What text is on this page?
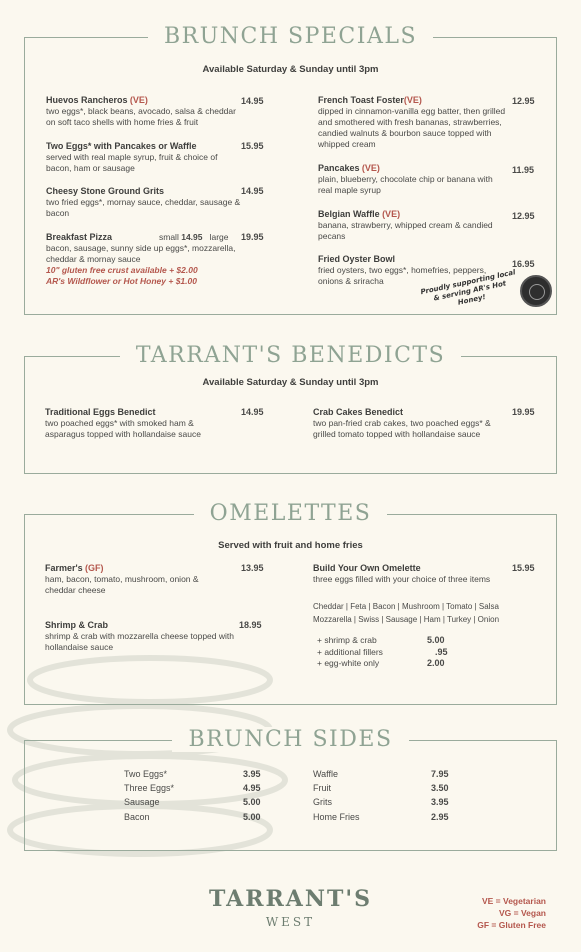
BRUNCH SPECIALS
Available Saturday & Sunday until 3pm
Huevos Rancheros (VE)
two eggs*, black beans, avocado, salsa & cheddar on soft taco shells with home fries & fruit
14.95
Two Eggs* with Pancakes or Waffle
served with real maple syrup, fruit & choice of bacon, ham or sausage
15.95
Cheesy Stone Ground Grits
two fried eggs*, mornay sauce, cheddar, sausage & bacon
14.95
Breakfast Pizza
bacon, sausage, sunny side up eggs*, mozzarella, cheddar & mornay sauce
10" gluten free crust available + $2.00
AR's Wildflower or Hot Honey + $1.00
small 14.95 large	19.95
French Toast Foster(VE)
dipped in cinnamon-vanilla egg batter, then grilled and smothered with fresh bananas, strawberries, candied walnuts & bourbon sauce topped with whipped cream
12.95
Pancakes (VE)
plain, blueberry, chocolate chip or banana with real maple syrup
11.95
Belgian Waffle (VE)
banana, strawberry, whipped cream & candied pecans
12.95
Fried Oyster Bowl
fried oysters, two eggs*, homefries, peppers, onions & sriracha
16.95
Proudly supporting local & serving AR's Hot Honey!
TARRANT'S BENEDICTS
Available Saturday & Sunday until 3pm
Traditional Eggs Benedict
two poached eggs* with smoked ham & asparagus topped with hollandaise sauce
14.95	Crab Cakes Benedict
two pan-fried crab cakes, two poached eggs* & grilled tomato topped with hollandaise sauce
19.95
OMELETTES
Served with fruit and home fries
Farmer's (GF)
ham, bacon, tomato, mushroom, onion & cheddar cheese
13.95
Shrimp & Crab
shrimp & crab with mozzarella cheese topped with hollandaise sauce
18.95
Build Your Own Omelette
three eggs filled with your choice of three items
15.95
Cheddar | Feta | Bacon | Mushroom | Tomato | Salsa
Mozzarella | Swiss | Sausage | Ham | Turkey | Onion
+ shrimp & crab	5.00
+ additional fillers	.95
+ egg-white only	2.00
BRUNCH SIDES
Two Eggs*	3.95
Three Eggs*	4.95
Sausage	5.00
Bacon	5.00
Waffle	7.95
Fruit	3.50
Grits	3.95
Home Fries	2.95
TARRANT'S
WEST
VE = Vegetarian
VG = Vegan
GF = Gluten Free
